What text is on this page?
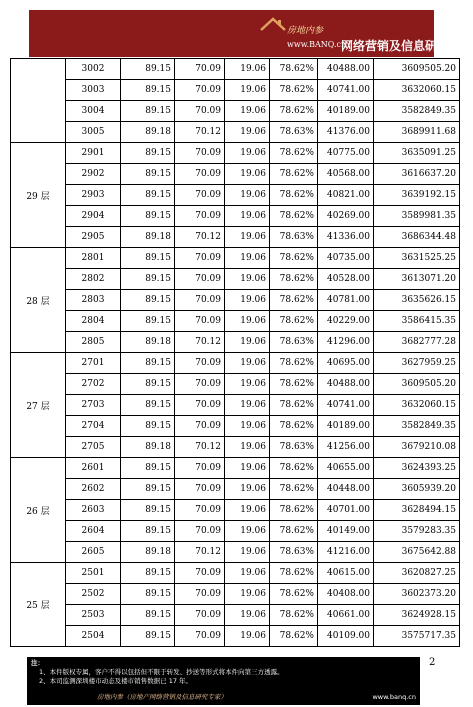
房地内参
www.BANQ.cn
网络营销及信息研究专家
	3002	89.15	70.09	19.06	78.62%	40488.00	3609505.20
	3003	89.15	70.09	19.06	78.62%	40741.00	3632060.15
	3004	89.15	70.09	19.06	78.62%	40189.00	3582849.35
	3005	89.18	70.12	19.06	78.63%	41376.00	3689911.68
29 层	2901	89.15	70.09	19.06	78.62%	40775.00	3635091.25
	2902	89.15	70.09	19.06	78.62%	40568.00	3616637.20
	2903	89.15	70.09	19.06	78.62%	40821.00	3639192.15
	2904	89.15	70.09	19.06	78.62%	40269.00	3589981.35
	2905	89.18	70.12	19.06	78.63%	41336.00	3686344.48
28 层	2801	89.15	70.09	19.06	78.62%	40735.00	3631525.25
	2802	89.15	70.09	19.06	78.62%	40528.00	3613071.20
	2803	89.15	70.09	19.06	78.62%	40781.00	3635626.15
	2804	89.15	70.09	19.06	78.62%	40229.00	3586415.35
	2805	89.18	70.12	19.06	78.63%	41296.00	3682777.28
27 层	2701	89.15	70.09	19.06	78.62%	40695.00	3627959.25
	2702	89.15	70.09	19.06	78.62%	40488.00	3609505.20
	2703	89.15	70.09	19.06	78.62%	40741.00	3632060.15
	2704	89.15	70.09	19.06	78.62%	40189.00	3582849.35
	2705	89.18	70.12	19.06	78.63%	41256.00	3679210.08
26 层	2601	89.15	70.09	19.06	78.62%	40655.00	3624393.25
	2602	89.15	70.09	19.06	78.62%	40448.00	3605939.20
	2603	89.15	70.09	19.06	78.62%	40701.00	3628494.15
	2604	89.15	70.09	19.06	78.62%	40149.00	3579283.35
	2605	89.18	70.12	19.06	78.63%	41216.00	3675642.88
25 层	2501	89.15	70.09	19.06	78.62%	40615.00	3620827.25
	2502	89.15	70.09	19.06	78.62%	40408.00	3602373.20
	2503	89.15	70.09	19.06	78.62%	40661.00	3624928.15
	2504	89.15	70.09	19.06	78.62%	40109.00	3575717.35
注：
1、本件版权专属，客户不得以包括但不限于转发、抄送等形式将本件向第三方透露。
2、本司监测深圳楼市动态及楼市销售数据已 17 年。
房地内参（房地产网络营销及信息研究专家）	www.banq.cn
2
